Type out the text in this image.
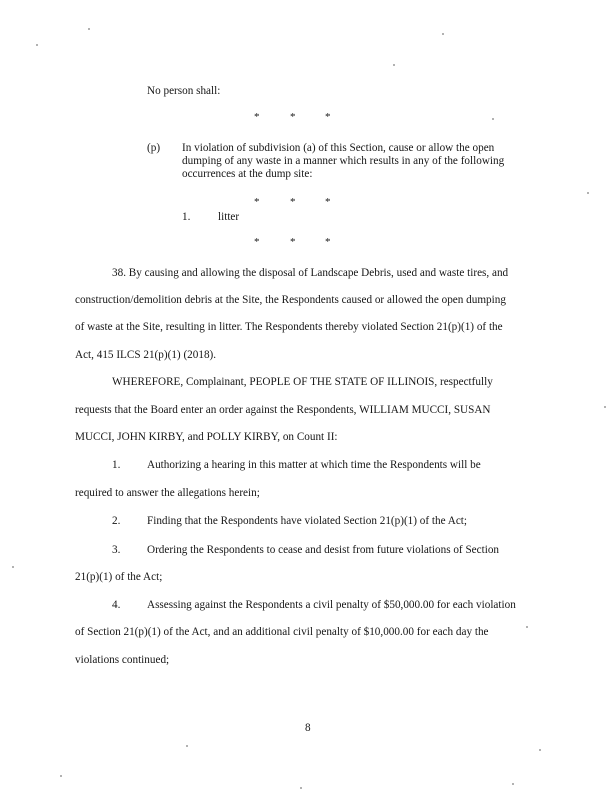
No person shall:
*	*	*
(p) In violation of subdivision (a) of this Section, cause or allow the open
dumping of any waste in a manner which results in any of the following
occurrences at the dump site:
*	*	*
1. litter
*	*	*
38. By causing and allowing the disposal of Landscape Debris, used and waste tires, and
construction/demolition debris at the Site, the Respondents caused or allowed the open dumping
of waste at the Site, resulting in litter. The Respondents thereby violated Section 21(p)(1) of the
Act, 415 ILCS 21(p)(1) (2018).
WHEREFORE, Complainant, PEOPLE OF THE STATE OF ILLINOIS, respectfully
requests that the Board enter an order against the Respondents, WILLIAM MUCCI, SUSAN
MUCCI, JOHN KIRBY, and POLLY KIRBY, on Count II:
1. Authorizing a hearing in this matter at which time the Respondents will be
required to answer the allegations herein;
2. Finding that the Respondents have violated Section 21(p)(1) of the Act;
3. Ordering the Respondents to cease and desist from future violations of Section
21(p)(1) of the Act;
4. Assessing against the Respondents a civil penalty of $50,000.00 for each violation
of Section 21(p)(1) of the Act, and an additional civil penalty of $10,000.00 for each day the
violations continued;
8
